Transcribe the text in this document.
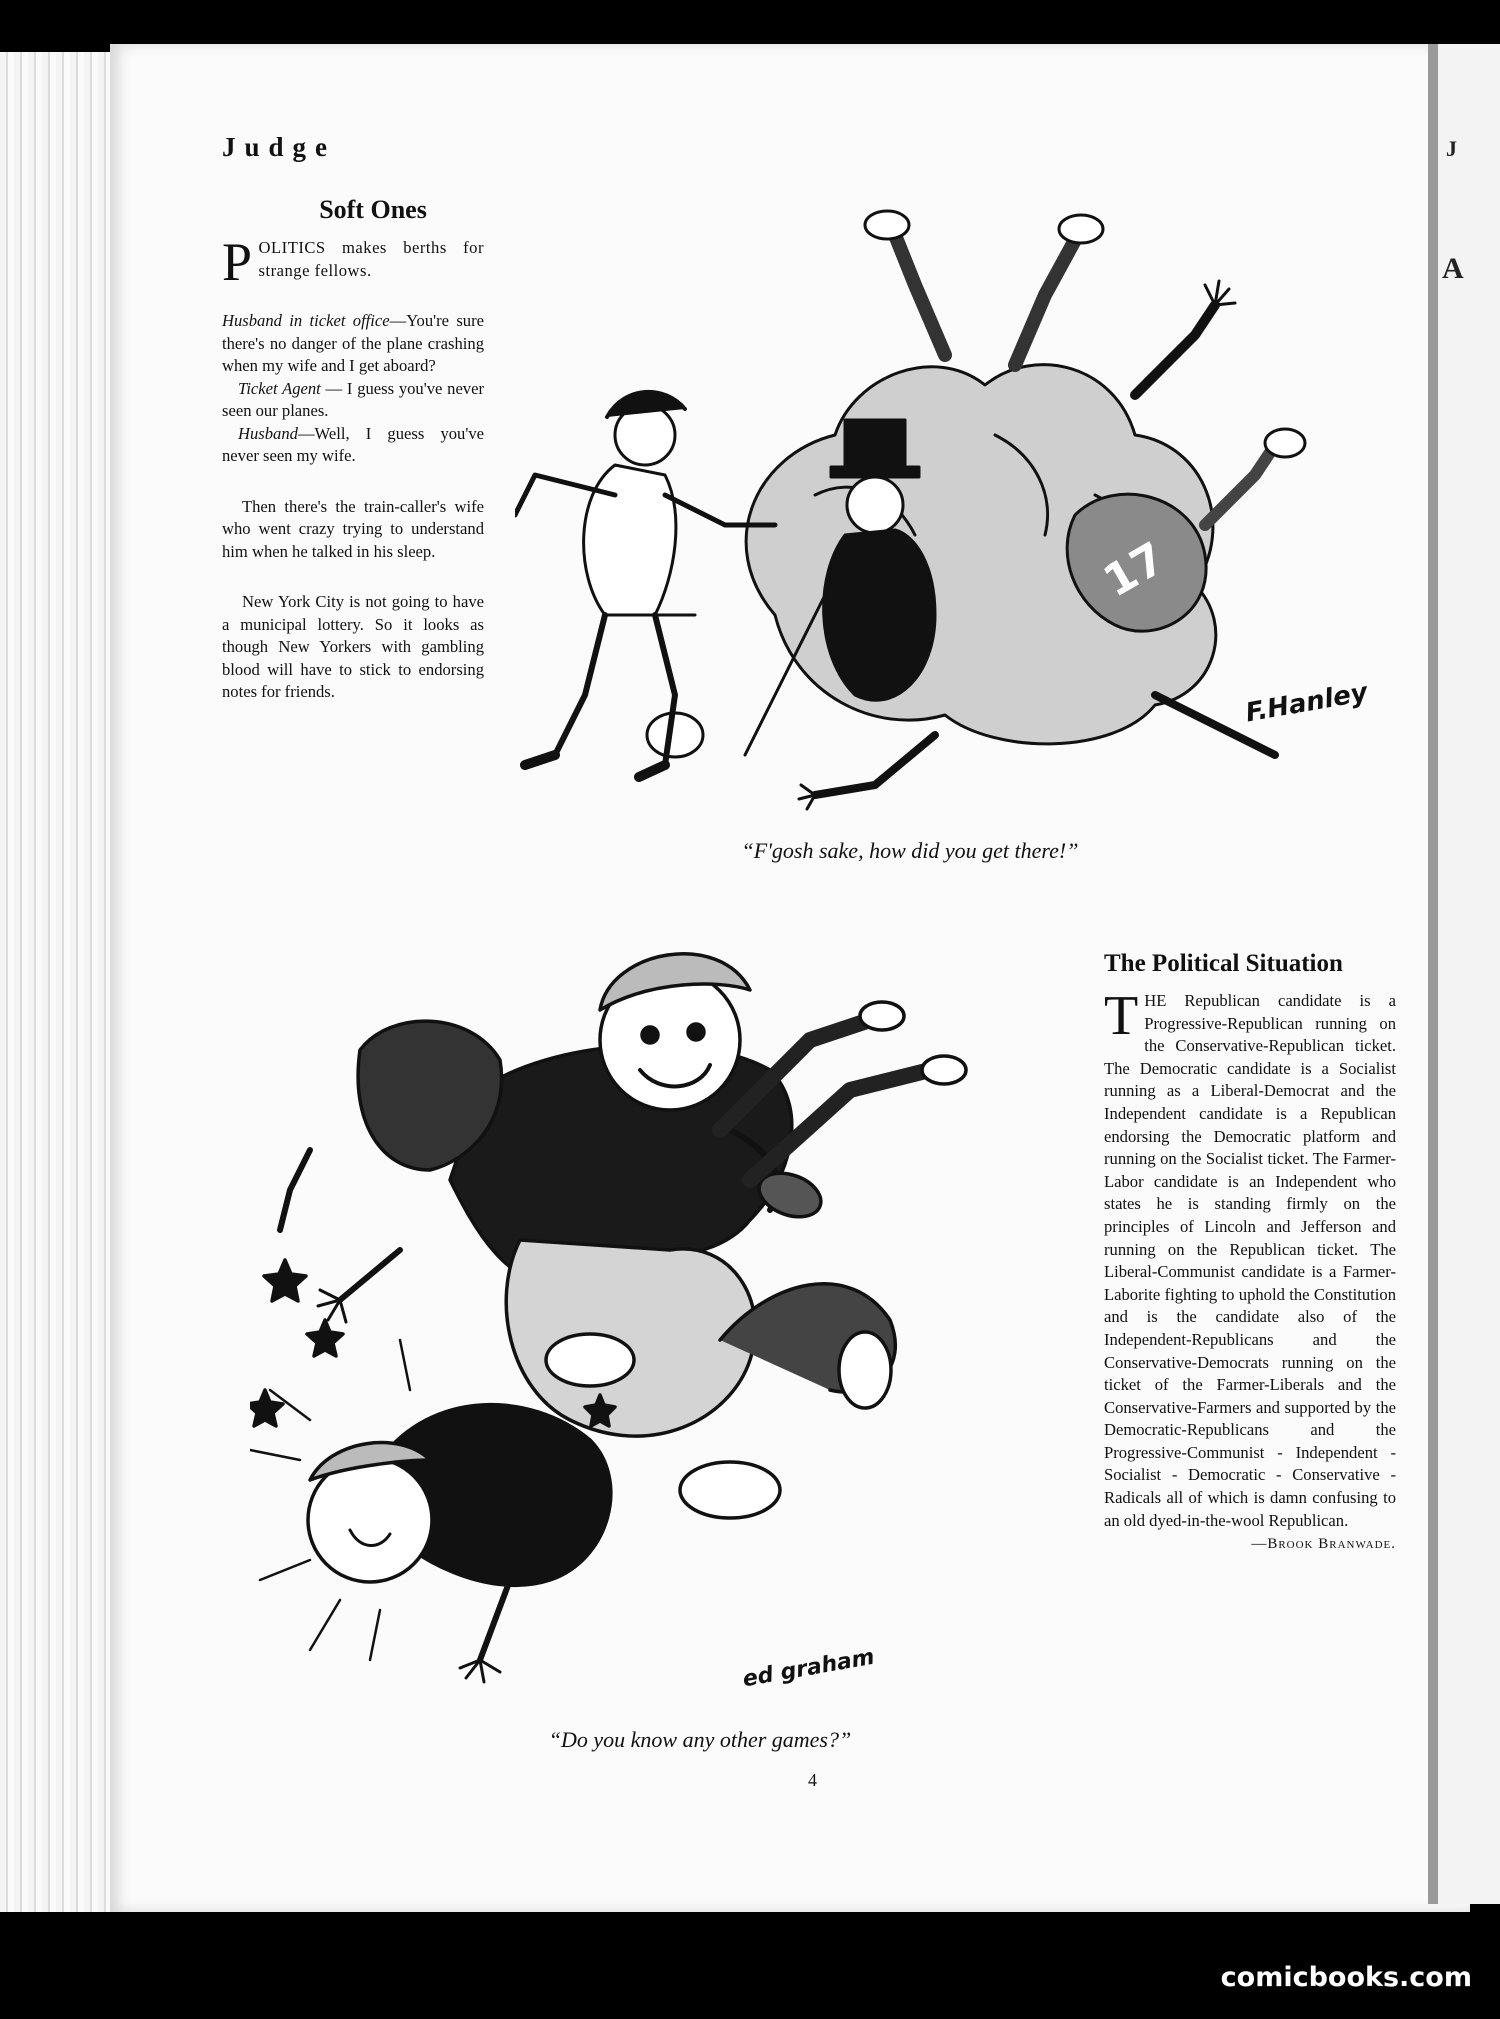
J
A
Judge
Soft Ones

POLITICS makes berths for strange fellows.

Husband in ticket office—You're sure there's no danger of the plane crashing when my wife and I get aboard?

Ticket Agent — I guess you've never seen our planes.

Husband—Well, I guess you've never seen my wife.

Then there's the train-caller's wife who went crazy trying to understand him when he talked in his sleep.

New York City is not going to have a municipal lottery. So it looks as though New Yorkers with gambling blood will have to stick to endorsing notes for friends.

17
F.Hanley
“F'gosh sake, how did you get there!”
ed graham
“Do you know any other games?”
The Political Situation

THE Republican candidate is a Progressive-Republican running on the Conservative-Republican ticket. The Democratic candidate is a Socialist running as a Liberal-Democrat and the Independent candidate is a Republican endorsing the Democratic platform and running on the Socialist ticket. The Farmer-Labor candidate is an Independent who states he is standing firmly on the principles of Lincoln and Jefferson and running on the Republican ticket. The Liberal-Communist candidate is a Farmer-Laborite fighting to uphold the Constitution and is the candidate also of the Independent-Republicans and the Conservative-Democrats running on the ticket of the Farmer-Liberals and the Conservative-Farmers and supported by the Democratic-Republicans and the Progressive-Communist - Independent - Socialist - Democratic - Conservative - Radicals all of which is damn confusing to an old dyed-in-the-wool Republican.

—Brook Branwade.
4
comicbooks.com
